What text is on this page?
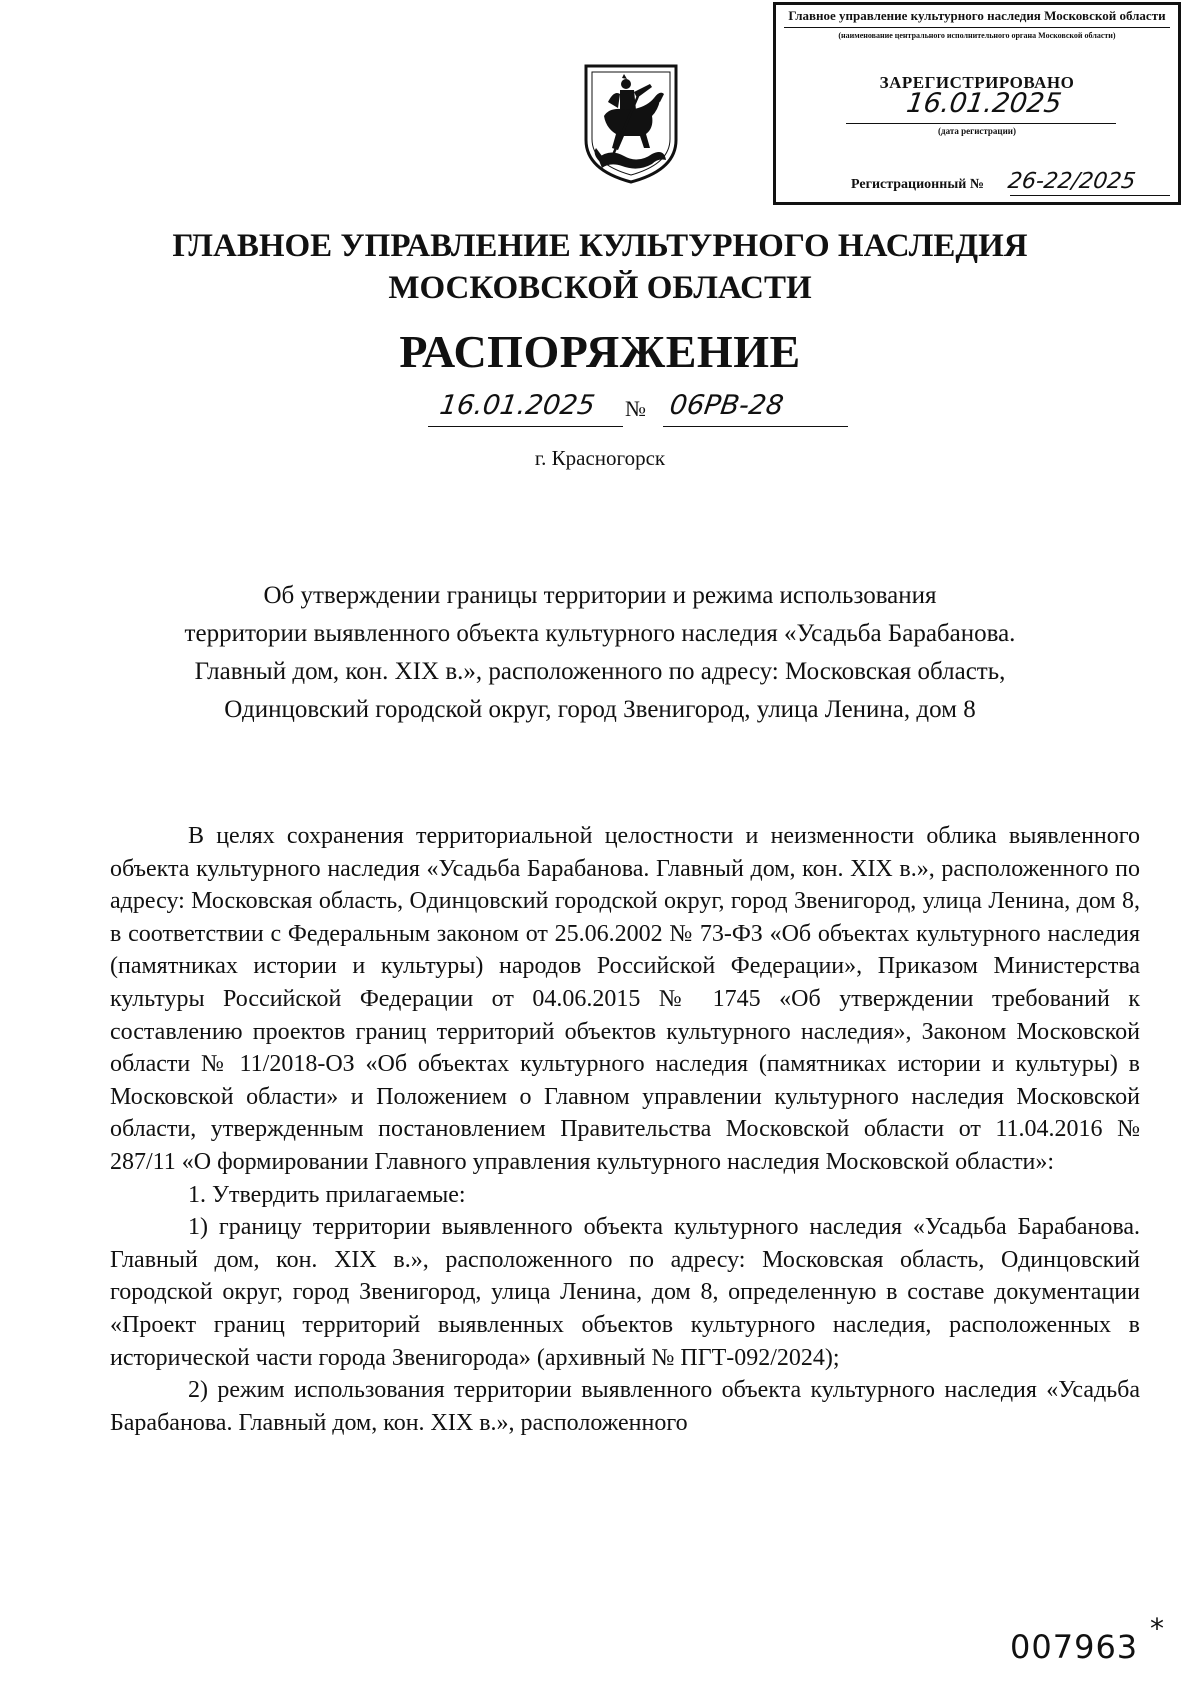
Главное управление культурного наследия Московской области
(наименование центрального исполнительного органа Московской области)
ЗАРЕГИСТРИРОВАНО
16.01.2025
(дата регистрации)
Регистрационный № 26-22/2025
ГЛАВНОЕ УПРАВЛЕНИЕ КУЛЬТУРНОГО НАСЛЕДИЯ
МОСКОВСКОЙ ОБЛАСТИ
РАСПОРЯЖЕНИЕ
16.01.2025 № 06РВ-28
г. Красногорск
Об утверждении границы территории и режима использования
территории выявленного объекта культурного наследия «Усадьба Барабанова.
Главный дом, кон. XIX в.», расположенного по адресу: Московская область,
Одинцовский городской округ, город Звенигород, улица Ленина, дом 8

В целях сохранения территориальной целостности и неизменности облика выявленного объекта культурного наследия «Усадьба Барабанова. Главный дом, кон. XIX в.», расположенного по адресу: Московская область, Одинцовский городской округ, город Звенигород, улица Ленина, дом 8, в соответствии с Федеральным законом от 25.06.2002 № 73-ФЗ «Об объектах культурного наследия (памятниках истории и культуры) народов Российской Федерации», Приказом Министерства культуры Российской Федерации от 04.06.2015 № 1745 «Об утверждении требований к составлению проектов границ территорий объектов культурного наследия», Законом Московской области № 11/2018-ОЗ «Об объектах культурного наследия (памятниках истории и культуры) в Московской области» и Положением о Главном управлении культурного наследия Московской области, утвержденным постановлением Правительства Московской области от 11.04.2016 № 287/11 «О формировании Главного управления культурного наследия Московской области»:

1. Утвердить прилагаемые:

1) границу территории выявленного объекта культурного наследия «Усадьба Барабанова. Главный дом, кон. XIX в.», расположенного по адресу: Московская область, Одинцовский городской округ, город Звенигород, улица Ленина, дом 8, определенную в составе документации «Проект границ территорий выявленных объектов культурного наследия, расположенных в исторической части города Звенигорода» (архивный № ПГТ-092/2024);

2) режим использования территории выявленного объекта культурного наследия «Усадьба Барабанова. Главный дом, кон. XIX в.», расположенного

007963 *
